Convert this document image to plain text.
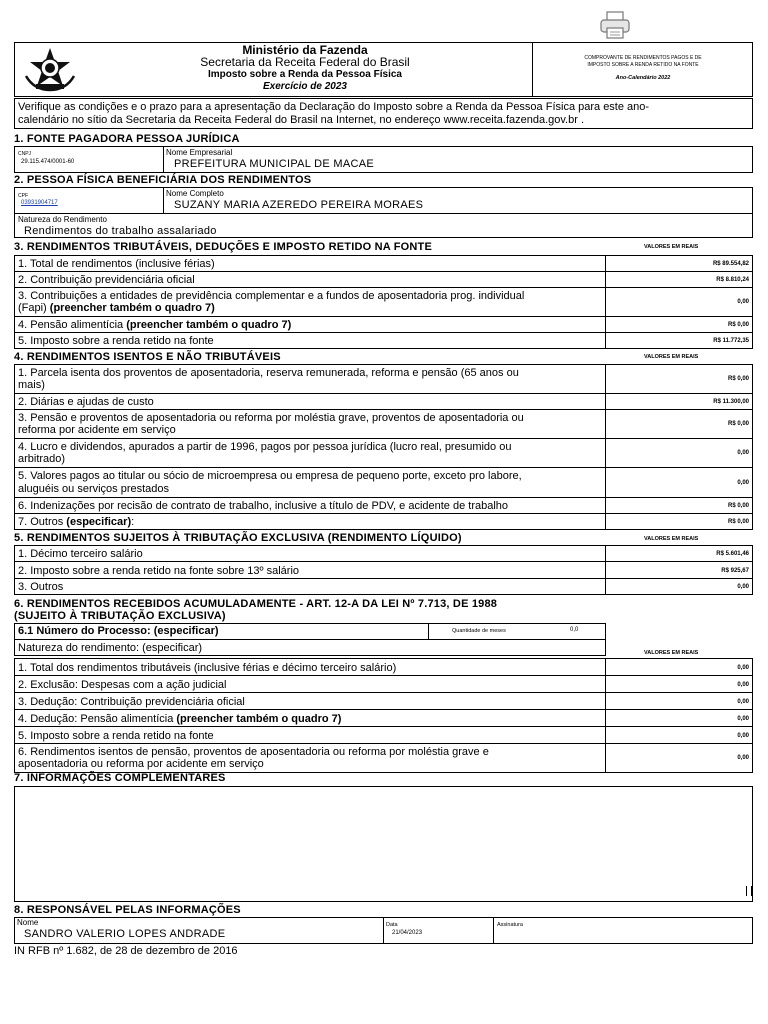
Ministério da Fazenda
Secretaria da Receita Federal do Brasil
Imposto sobre a Renda da Pessoa Física
Exercício de 2023
COMPROVANTE DE RENDIMENTOS PAGOS E DE
IMPOSTO SOBRE A RENDA RETIDO NA FONTE
Ano-Calendário 2022
Verifique as condições e o prazo para a apresentação da Declaração do Imposto sobre a Renda da Pessoa Física para este ano-
calendário no sítio da Secretaria da Receita Federal do Brasil na Internet, no endereço www.receita.fazenda.gov.br .
1. FONTE PAGADORA PESSOA JURÍDICA
CNPJ
29.115.474/0001-60
Nome Empresarial
PREFEITURA MUNICIPAL DE MACAE
2. PESSOA FÍSICA BENEFICIÁRIA DOS RENDIMENTOS
CPF
03931904717
Nome Completo
SUZANY MARIA AZEREDO PEREIRA MORAES
Natureza do Rendimento
Rendimentos do trabalho assalariado
3. RENDIMENTOS TRIBUTÁVEIS, DEDUÇÕES E IMPOSTO RETIDO NA FONTE	VALORES EM REAIS
1. Total de rendimentos (inclusive férias)	R$ 89.554,82
2. Contribuição previdenciária oficial	R$ 8.810,24
3. Contribuições a entidades de previdência complementar e a fundos de aposentadoria prog. individual
(Fapi) (preencher também o quadro 7)	0,00
4. Pensão alimentícia (preencher também o quadro 7)	R$ 0,00
5. Imposto sobre a renda retido na fonte	R$ 11.772,35
4. RENDIMENTOS ISENTOS E NÃO TRIBUTÁVEIS	VALORES EM REAIS
1. Parcela isenta dos proventos de aposentadoria, reserva remunerada, reforma e pensão (65 anos ou
mais)	R$ 0,00
2. Diárias e ajudas de custo	R$ 11.300,00
3. Pensão e proventos de aposentadoria ou reforma por moléstia grave, proventos de aposentadoria ou
reforma por acidente em serviço	R$ 0,00
4. Lucro e dividendos, apurados a partir de 1996, pagos por pessoa jurídica (lucro real, presumido ou
arbitrado)	0,00
5. Valores pagos ao titular ou sócio de microempresa ou empresa de pequeno porte, exceto pro labore,
aluguéis ou serviços prestados	0,00
6. Indenizações por recisão de contrato de trabalho, inclusive a título de PDV, e acidente de trabalho	R$ 0,00
7. Outros (especificar):	R$ 0,00
5. RENDIMENTOS SUJEITOS À TRIBUTAÇÃO EXCLUSIVA (RENDIMENTO LÍQUIDO)	VALORES EM REAIS
1. Décimo terceiro salário	R$ 5.601,46
2. Imposto sobre a renda retido na fonte sobre 13º salário	R$ 925,67
3. Outros	0,00
6. RENDIMENTOS RECEBIDOS ACUMULADAMENTE - ART. 12-A DA LEI Nº 7.713, DE 1988
(SUJEITO À TRIBUTAÇÃO EXCLUSIVA)
6.1 Número do Processo: (especificar)	Quantidade de meses	0,0
Natureza do rendimento: (especificar)	VALORES EM REAIS
1. Total dos rendimentos tributáveis (inclusive férias e décimo terceiro salário)	0,00
2. Exclusão: Despesas com a ação judicial	0,00
3. Dedução: Contribuição previdenciária oficial	0,00
4. Dedução: Pensão alimentícia (preencher também o quadro 7)	0,00
5. Imposto sobre a renda retido na fonte	0,00
6. Rendimentos isentos de pensão, proventos de aposentadoria ou reforma por moléstia grave e
aposentadoria ou reforma por acidente em serviço	0,00
7. INFORMAÇÕES COMPLEMENTARES
8. RESPONSÁVEL PELAS INFORMAÇÕES
Nome
SANDRO VALERIO LOPES ANDRADE
Data
21/04/2023
Assinatura
IN RFB nº 1.682, de 28 de dezembro de 2016
